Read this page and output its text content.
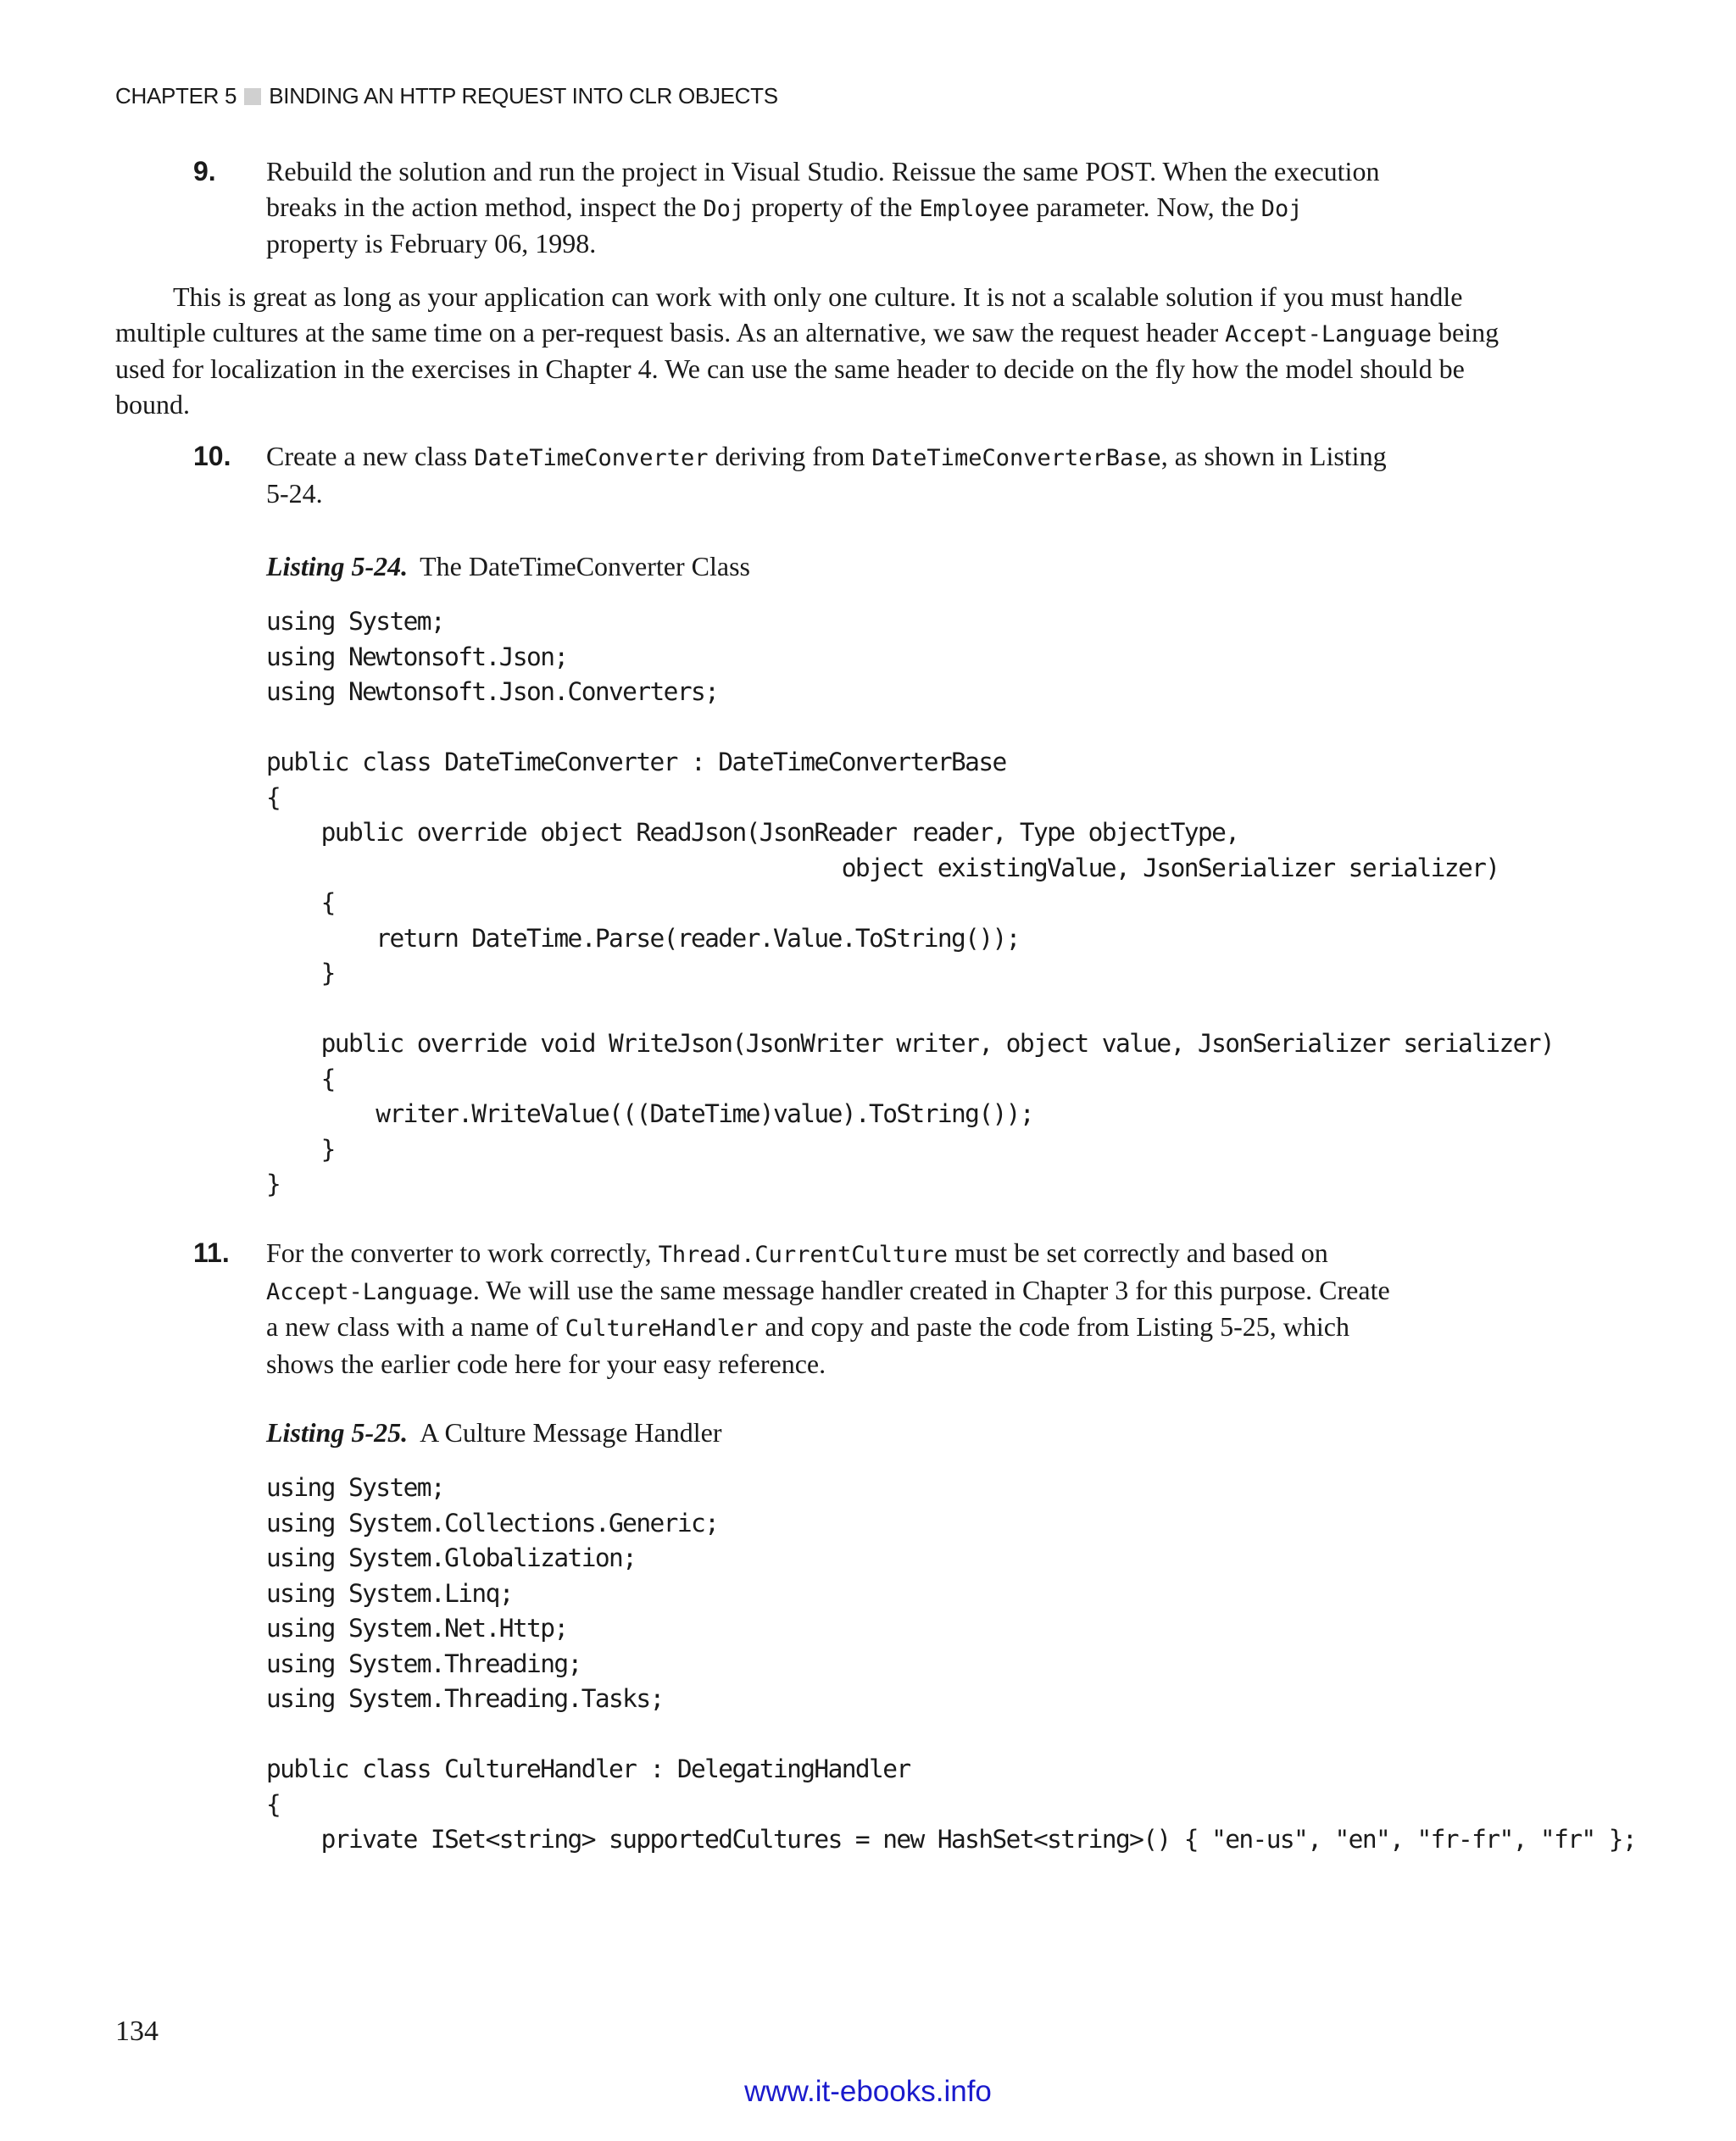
CHAPTER 5 BINDING AN HTTP REQUEST INTO CLR OBJECTS
9. Rebuild the solution and run the project in Visual Studio. Reissue the same POST. When the execution breaks in the action method, inspect the Doj property of the Employee parameter. Now, the Doj property is February 06, 1998.
This is great as long as your application can work with only one culture. It is not a scalable solution if you must handle multiple cultures at the same time on a per-request basis. As an alternative, we saw the request header Accept-Language being used for localization in the exercises in Chapter 4. We can use the same header to decide on the fly how the model should be bound.
10. Create a new class DateTimeConverter deriving from DateTimeConverterBase, as shown in Listing 5-24.
Listing 5-24. The DateTimeConverter Class
using System;
using Newtonsoft.Json;
using Newtonsoft.Json.Converters;

public class DateTimeConverter : DateTimeConverterBase
{
public override object ReadJson(JsonReader reader, Type objectType,
object existingValue, JsonSerializer serializer)
{
return DateTime.Parse(reader.Value.ToString());
}

public override void WriteJson(JsonWriter writer, object value, JsonSerializer serializer)
{
writer.WriteValue(((DateTime)value).ToString());
}
}
11. For the converter to work correctly, Thread.CurrentCulture must be set correctly and based on Accept-Language. We will use the same message handler created in Chapter 3 for this purpose. Create a new class with a name of CultureHandler and copy and paste the code from Listing 5-25, which shows the earlier code here for your easy reference.
Listing 5-25. A Culture Message Handler
using System;
using System.Collections.Generic;
using System.Globalization;
using System.Linq;
using System.Net.Http;
using System.Threading;
using System.Threading.Tasks;

public class CultureHandler : DelegatingHandler
{
private ISet<string> supportedCultures = new HashSet<string>() { "en-us", "en", "fr-fr", "fr" };
134
www.it-ebooks.info
